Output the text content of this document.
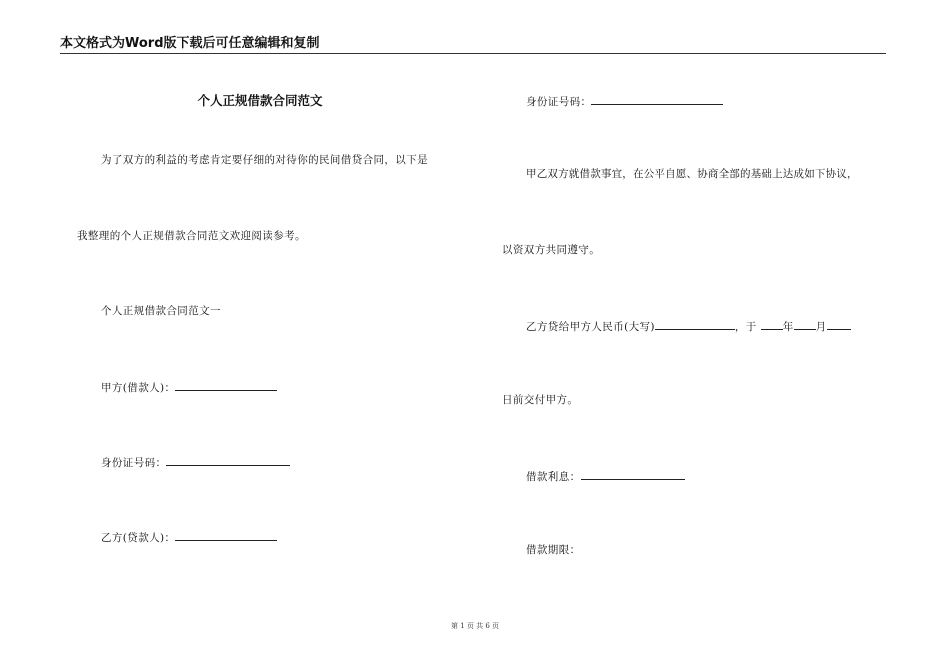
本文格式为Word版下载后可任意编辑和复制
个人正规借款合同范文
为了双方的利益的考虑肯定要仔细的对待你的民间借贷合同，以下是
我整理的个人正规借款合同范文欢迎阅读参考。
个人正规借款合同范文一
甲方(借款人)：
身份证号码：
乙方(贷款人)：
身份证号码：
甲乙双方就借款事宜，在公平自愿、协商全部的基础上达成如下协议，
以资双方共同遵守。
乙方贷给甲方人民币(大写)	，于 年 月
日前交付甲方。
借款利息：
借款期限：
第 1 页 共 6 页
